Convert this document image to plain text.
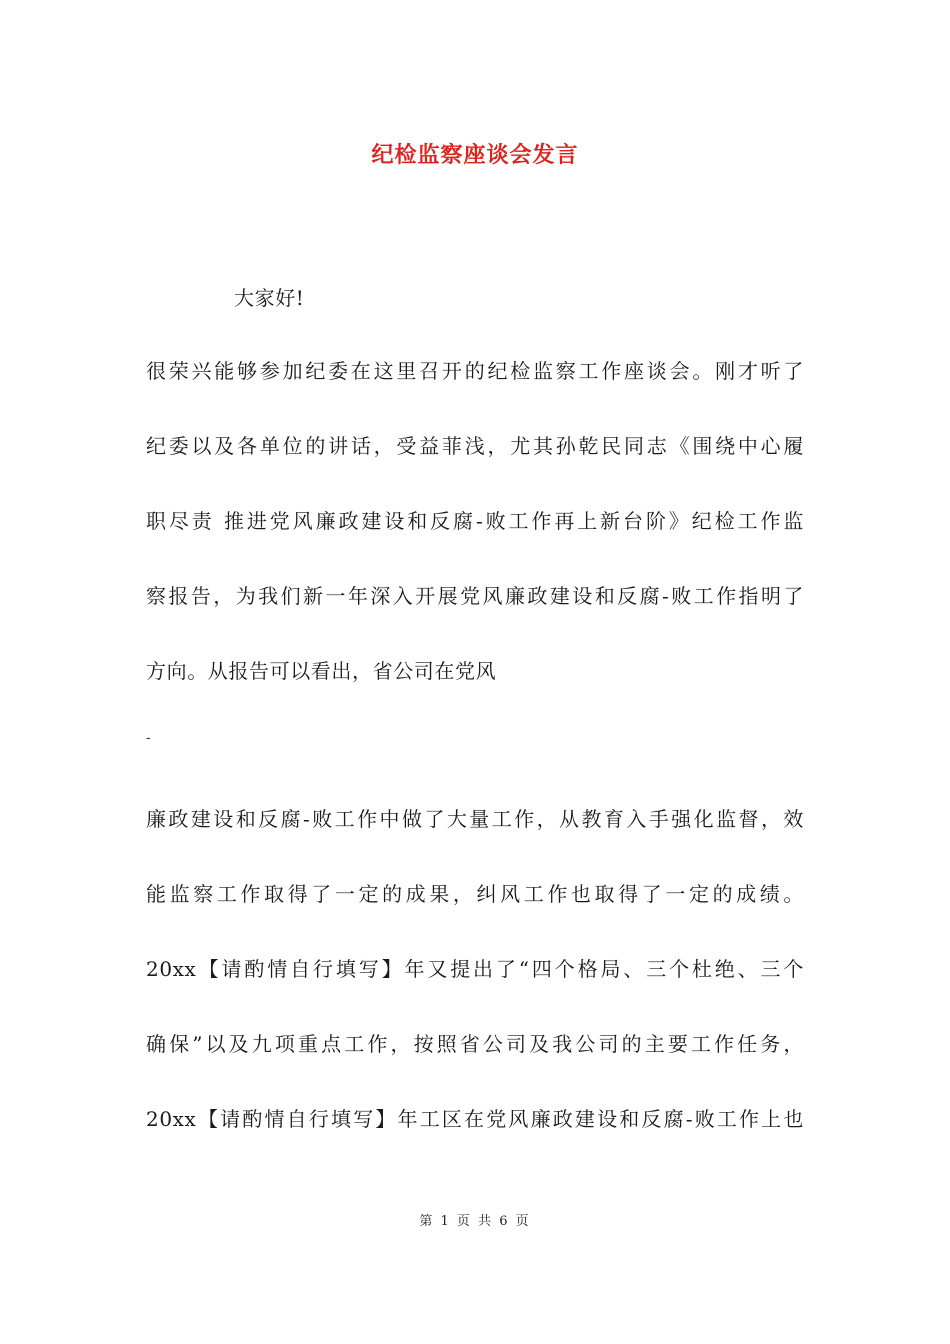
纪检监察座谈会发言
大家好!
很荣兴能够参加纪委在这里召开的纪检监察工作座谈会。刚才听了
纪委以及各单位的讲话，受益菲浅，尤其孙乾民同志《围绕中心履
职尽责 推进党风廉政建设和反腐-败工作再上新台阶》纪检工作监
察报告，为我们新一年深入开展党风廉政建设和反腐-败工作指明了
方向。从报告可以看出，省公司在党风
-
廉政建设和反腐-败工作中做了大量工作，从教育入手强化监督，效
能监察工作取得了一定的成果，纠风工作也取得了一定的成绩。
20xx【请酌情自行填写】年又提出了“四个格局、三个杜绝、三个
确保”以及九项重点工作，按照省公司及我公司的主要工作任务，
20xx【请酌情自行填写】年工区在党风廉政建设和反腐-败工作上也
第 1 页 共 6 页
